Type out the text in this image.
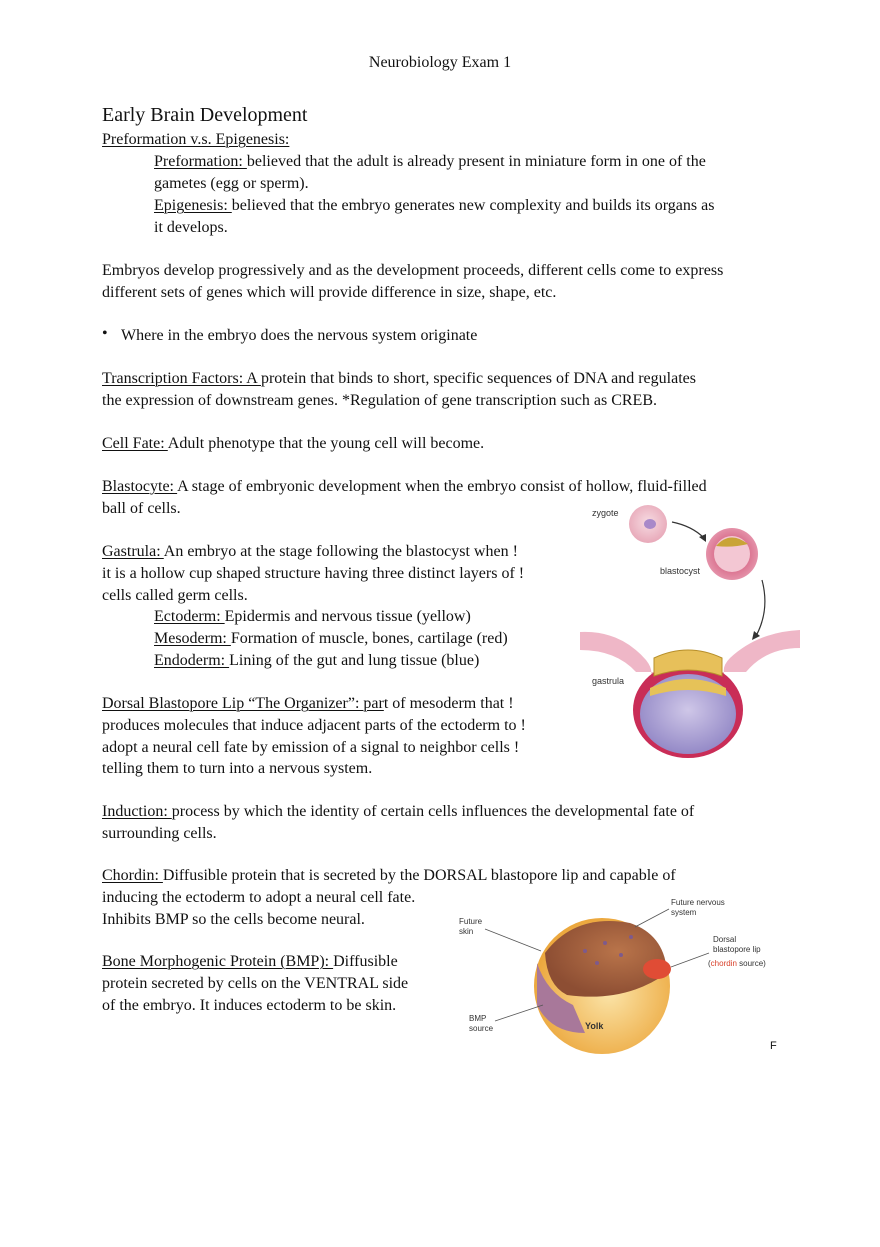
Neurobiology Exam 1
Early Brain Development
Preformation v.s. Epigenesis:
Preformation: believed that the adult is already present in miniature form in one of the
gametes (egg or sperm).
Epigenesis: believed that the embryo generates new complexity and builds its organs as
it develops.
Embryos develop progressively and as the development proceeds, different cells come to express
different sets of genes which will provide difference in size, shape, etc.
• Where in the embryo does the nervous system originate
Transcription Factors: A protein that binds to short, specific sequences of DNA and regulates
the expression of downstream genes. *Regulation of gene transcription such as CREB.
Cell Fate: Adult phenotype that the young cell will become.
Blastocyte: A stage of embryonic development when the embryo consist of hollow, fluid-filled
ball of cells.
Gastrula: An embryo at the stage following the blastocyst when !
it is a hollow cup shaped structure having three distinct layers of !
cells called germ cells.
Ectoderm: Epidermis and nervous tissue (yellow)
Mesoderm: Formation of muscle, bones, cartilage (red)
Endoderm: Lining of the gut and lung tissue (blue)
Dorsal Blastopore Lip “The Organizer”: part of mesoderm that !
produces molecules that induce adjacent parts of the ectoderm to !
adopt a neural cell fate by emission of a signal to neighbor cells !
telling them to turn into a nervous system.
Induction: process by which the identity of certain cells influences the developmental fate of
surrounding cells.
Chordin: Diffusible protein that is secreted by the DORSAL blastopore lip and capable of
inducing the ectoderm to adopt a neural cell fate.
Inhibits BMP so the cells become neural.
Bone Morphogenic Protein (BMP): Diffusible
protein secreted by cells on the VENTRAL side
of the embryo. It induces ectoderm to be skin.
zygote
blastocyst
gastrula
Future
skin
Future nervous
system
Dorsal
blastopore lip
(chordin source)
BMP
source	Yolk
F
